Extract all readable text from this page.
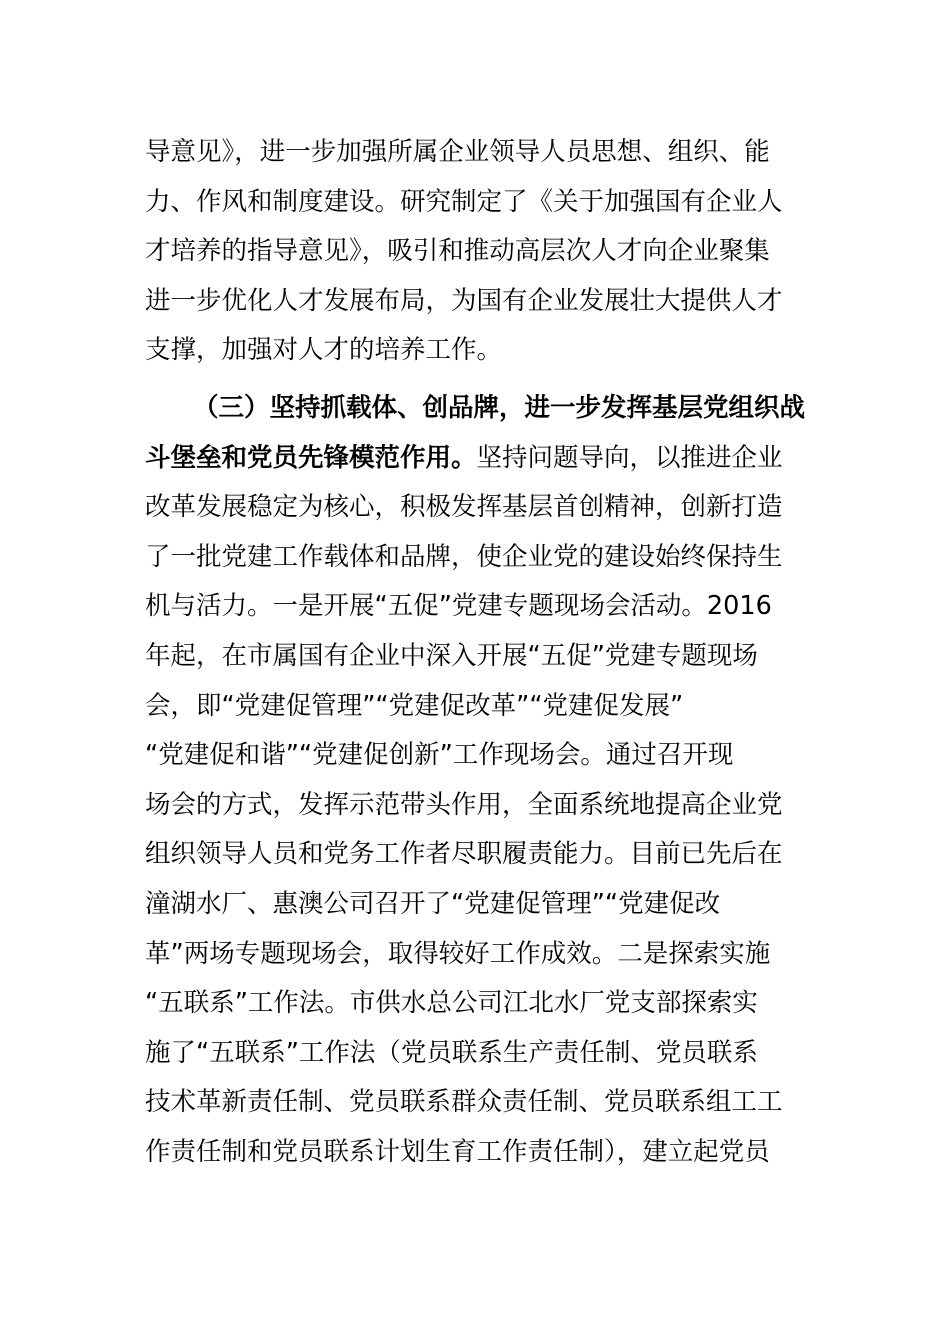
导意见》，进一步加强所属企业领导人员思想、组织、能
力、作风和制度建设。研究制定了《关于加强国有企业人
才培养的指导意见》，吸引和推动高层次人才向企业聚集
进一步优化人才发展布局，为国有企业发展壮大提供人才
支撑，加强对人才的培养工作。
（三）坚持抓载体、创品牌，进一步发挥基层党组织战
斗堡垒和党员先锋模范作用。坚持问题导向，以推进企业
改革发展稳定为核心，积极发挥基层首创精神，创新打造
了一批党建工作载体和品牌，使企业党的建设始终保持生
机与活力。一是开展“五促”党建专题现场会活动。2016
年起，在市属国有企业中深入开展“五促”党建专题现场
会，即“党建促管理”“党建促改革”“党建促发展”
“党建促和谐”“党建促创新”工作现场会。通过召开现
场会的方式，发挥示范带头作用，全面系统地提高企业党
组织领导人员和党务工作者尽职履责能力。目前已先后在
潼湖水厂、惠澳公司召开了“党建促管理”“党建促改
革”两场专题现场会，取得较好工作成效。二是探索实施
“五联系”工作法。市供水总公司江北水厂党支部探索实
施了“五联系”工作法（党员联系生产责任制、党员联系
技术革新责任制、党员联系群众责任制、党员联系组工工
作责任制和党员联系计划生育工作责任制），建立起党员
